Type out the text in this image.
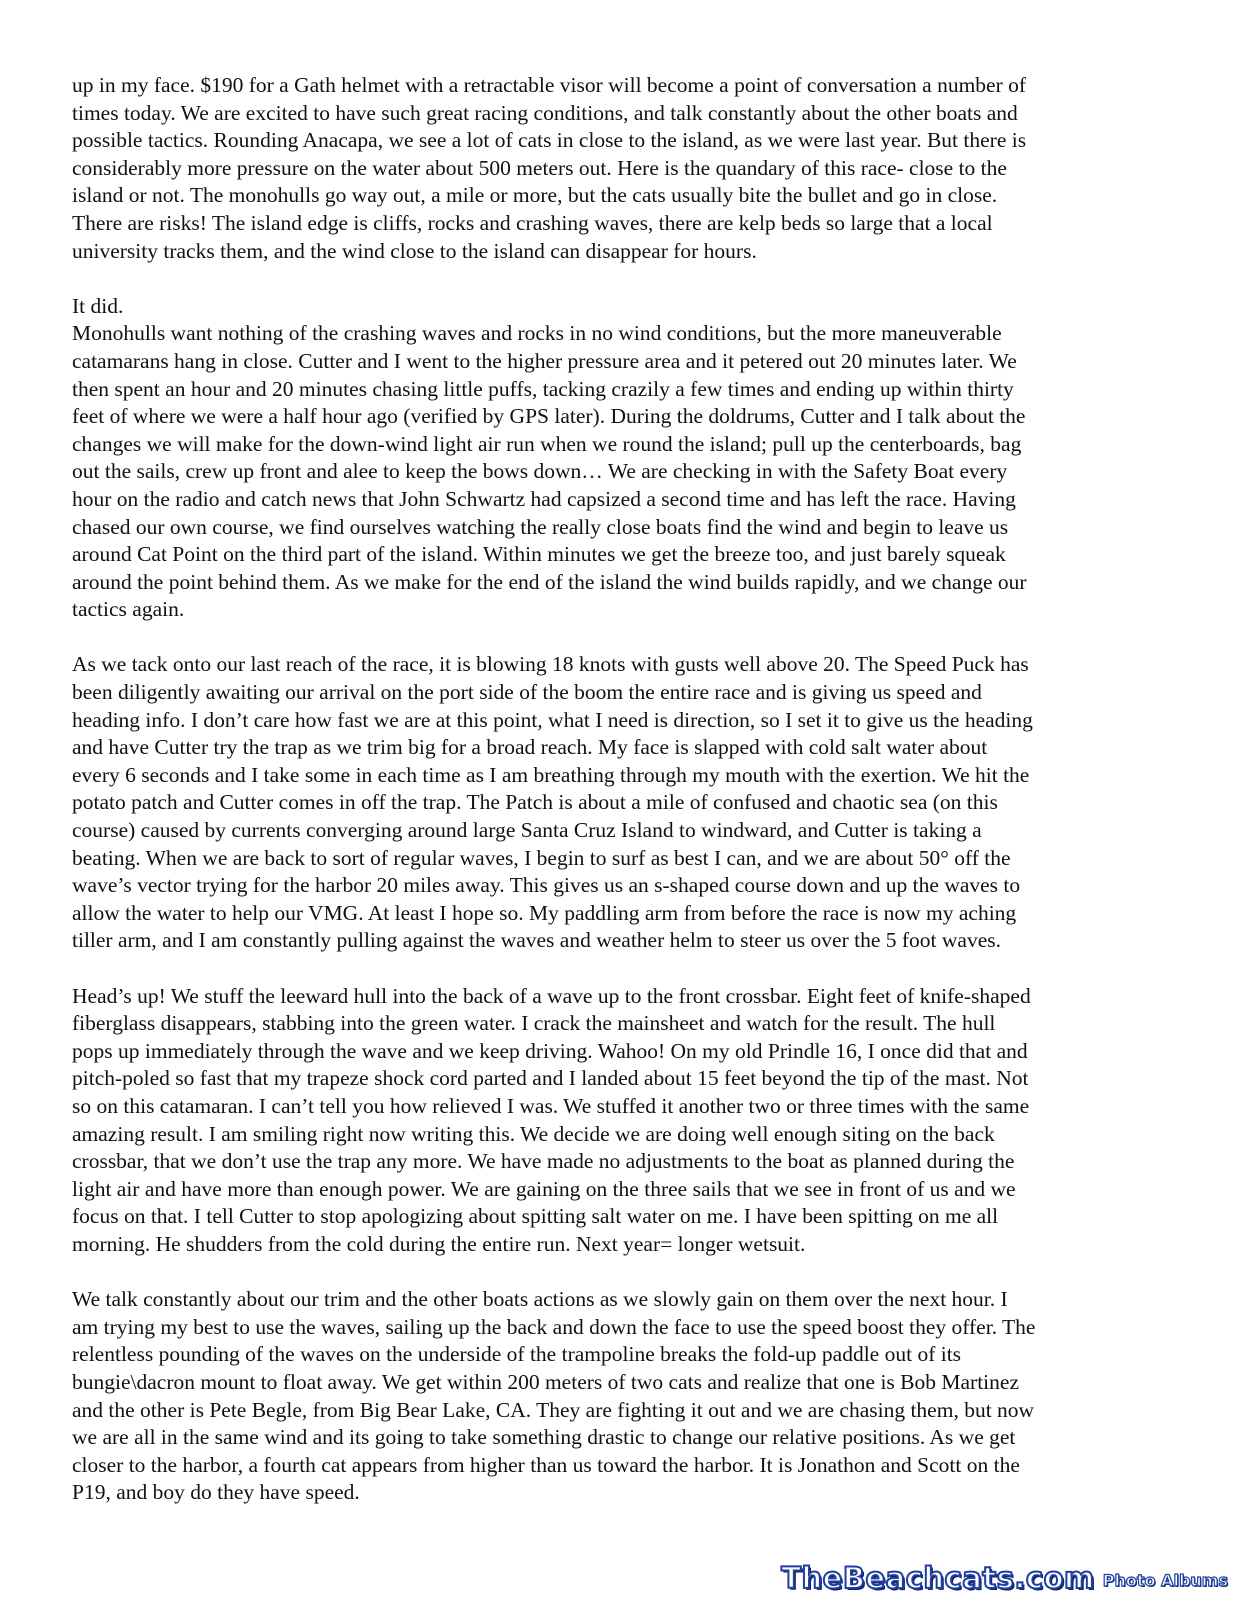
up in my face. $190 for a Gath helmet with a retractable visor will become a point of conversation a number of
times today. We are excited to have such great racing conditions, and talk constantly about the other boats and
possible tactics. Rounding Anacapa, we see a lot of cats in close to the island, as we were last year. But there is
considerably more pressure on the water about 500 meters out. Here is the quandary of this race- close to the
island or not. The monohulls go way out, a mile or more, but the cats usually bite the bullet and go in close.
There are risks! The island edge is cliffs, rocks and crashing waves, there are kelp beds so large that a local
university tracks them, and the wind close to the island can disappear for hours.

It did.

Monohulls want nothing of the crashing waves and rocks in no wind conditions, but the more maneuverable
catamarans hang in close. Cutter and I went to the higher pressure area and it petered out 20 minutes later. We
then spent an hour and 20 minutes chasing little puffs, tacking crazily a few times and ending up within thirty
feet of where we were a half hour ago (verified by GPS later). During the doldrums, Cutter and I talk about the
changes we will make for the down-wind light air run when we round the island; pull up the centerboards, bag
out the sails, crew up front and alee to keep the bows down… We are checking in with the Safety Boat every
hour on the radio and catch news that John Schwartz had capsized a second time and has left the race. Having
chased our own course, we find ourselves watching the really close boats find the wind and begin to leave us
around Cat Point on the third part of the island. Within minutes we get the breeze too, and just barely squeak
around the point behind them. As we make for the end of the island the wind builds rapidly, and we change our
tactics again.

As we tack onto our last reach of the race, it is blowing 18 knots with gusts well above 20. The Speed Puck has
been diligently awaiting our arrival on the port side of the boom the entire race and is giving us speed and
heading info. I don’t care how fast we are at this point, what I need is direction, so I set it to give us the heading
and have Cutter try the trap as we trim big for a broad reach. My face is slapped with cold salt water about
every 6 seconds and I take some in each time as I am breathing through my mouth with the exertion. We hit the
potato patch and Cutter comes in off the trap. The Patch is about a mile of confused and chaotic sea (on this
course) caused by currents converging around large Santa Cruz Island to windward, and Cutter is taking a
beating. When we are back to sort of regular waves, I begin to surf as best I can, and we are about 50° off the
wave’s vector trying for the harbor 20 miles away. This gives us an s-shaped course down and up the waves to
allow the water to help our VMG. At least I hope so. My paddling arm from before the race is now my aching
tiller arm, and I am constantly pulling against the waves and weather helm to steer us over the 5 foot waves.

Head’s up! We stuff the leeward hull into the back of a wave up to the front crossbar. Eight feet of knife-shaped
fiberglass disappears, stabbing into the green water. I crack the mainsheet and watch for the result. The hull
pops up immediately through the wave and we keep driving. Wahoo! On my old Prindle 16, I once did that and
pitch-poled so fast that my trapeze shock cord parted and I landed about 15 feet beyond the tip of the mast. Not
so on this catamaran. I can’t tell you how relieved I was. We stuffed it another two or three times with the same
amazing result. I am smiling right now writing this. We decide we are doing well enough siting on the back
crossbar, that we don’t use the trap any more. We have made no adjustments to the boat as planned during the
light air and have more than enough power. We are gaining on the three sails that we see in front of us and we
focus on that. I tell Cutter to stop apologizing about spitting salt water on me. I have been spitting on me all
morning. He shudders from the cold during the entire run. Next year= longer wetsuit.

We talk constantly about our trim and the other boats actions as we slowly gain on them over the next hour. I
am trying my best to use the waves, sailing up the back and down the face to use the speed boost they offer. The
relentless pounding of the waves on the underside of the trampoline breaks the fold-up paddle out of its
bungie\dacron mount to float away. We get within 200 meters of two cats and realize that one is Bob Martinez
and the other is Pete Begle, from Big Bear Lake, CA. They are fighting it out and we are chasing them, but now
we are all in the same wind and its going to take something drastic to change our relative positions. As we get
closer to the harbor, a fourth cat appears from higher than us toward the harbor. It is Jonathon and Scott on the
P19, and boy do they have speed.

TheBeachcats.com Photo Albums
